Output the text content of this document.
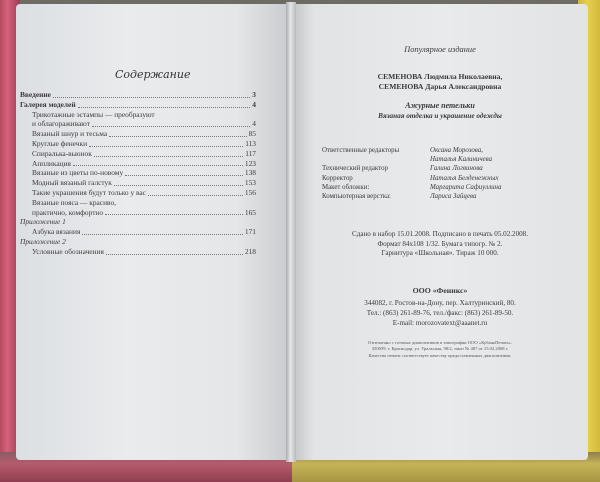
Содержание
Введение	3
Галерея моделей	4
Трикотажные эстампы — преобразуют
и облагораживают	4
Вязаный шнур и тесьма	85
Круглые фенечки	113
Спиралька-вьюнок	117
Аппликация	123
Вязаные из цветы по-новому	138
Модный вязаный галстук	153
Такие украшения будут только у вас	156
Вязаные пояса — красиво,
практично, комфортно	165
Приложение 1
Азбука вязания	171
Приложение 2
Условные обозначения	218
Популярное издание
СЕМЕНОВА Людмила Николаевна,
СЕМЕНОВА Дарья Александровна
Ажурные петельки
Вязаная отделка и украшение одежды
Ответственные редакторы	Оксана Морозова,
Наталья Калиничева
Технический редактор	Галина Логвинова
Корректор	Наталья Белденежных
Макет обложки:	Маргарита Сафиуллина
Компьютерная верстка:	Лариса Зайцева
Сдано в набор 15.01.2008. Подписано в печать 05.02.2008.
Формат 84х108 1/32. Бумага типогр. № 2.
Гарнитура «Школьная». Тираж 10 000.
ООО «Феникс»
344082, г. Ростов-на-Дону, пер. Халтуринский, 80.
Тел.: (863) 261-89-76, тел./факс: (863) 261-89-50.
E-mail: morozovatext@aaanet.ru
Отпечатано с готовых диапозитивов в типографии ООО «КубаньПечать».
350059, г. Краснодар, ул. Уральская, 98/2, заказ № 487 от 15.02.2008 г.
Качество печати соответствует качеству предоставленных диапозитивов.
